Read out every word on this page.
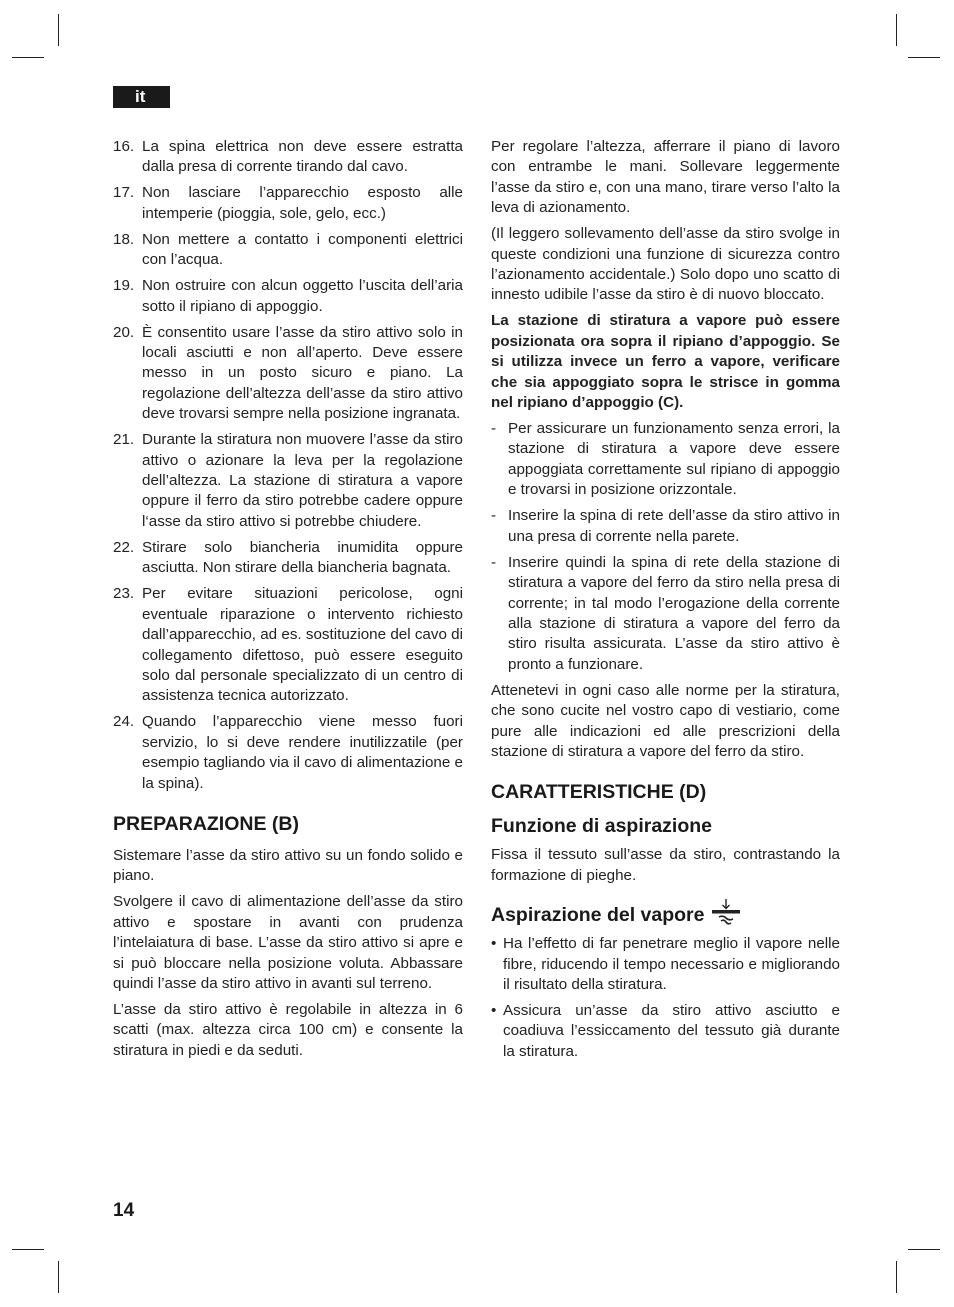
it
16. La spina elettrica non deve essere estratta dalla presa di corrente tirando dal cavo.
17. Non lasciare l’apparecchio esposto alle intemperie (pioggia, sole, gelo, ecc.)
18. Non mettere a contatto i componenti elettrici con l’acqua.
19. Non ostruire con alcun oggetto l’uscita dell’aria sotto il ripiano di appoggio.
20. È consentito usare l’asse da stiro attivo solo in locali asciutti e non all’aperto. Deve essere messo in un posto sicuro e piano. La regolazione dell’altezza dell’asse da stiro attivo deve trovarsi sempre nella posizione ingranata.
21. Durante la stiratura non muovere l’asse da stiro attivo o azionare la leva per la regolazione dell’altezza. La stazione di stiratura a vapore oppure il ferro da stiro potrebbe cadere oppure l‘asse da stiro attivo si potrebbe chiudere.
22. Stirare solo biancheria inumidita oppure asciutta. Non stirare della biancheria bagnata.
23. Per evitare situazioni pericolose, ogni eventuale riparazione o intervento richiesto dall’apparecchio, ad es. sostituzione del cavo di collegamento difettoso, può essere eseguito solo dal personale specializzato di un centro di assistenza tecnica autorizzato.
24. Quando l’apparecchio viene messo fuori servizio, lo si deve rendere inutilizzatile (per esempio tagliando via il cavo di alimentazione e la spina).
PREPARAZIONE (B)

Sistemare l’asse da stiro attivo su un fondo solido e piano.

Svolgere il cavo di alimentazione dell’asse da stiro attivo e spostare in avanti con prudenza l’intelaiatura di base. L’asse da stiro attivo si apre e si può bloccare nella posizione voluta. Abbassare quindi l’asse da stiro attivo in avanti sul terreno.

L’asse da stiro attivo è regolabile in altezza in 6 scatti (max. altezza circa 100 cm) e consente la stiratura in piedi e da seduti.

Per regolare l’altezza, afferrare il piano di lavoro con entrambe le mani. Sollevare leggermente l’asse da stiro e, con una mano, tirare verso l’alto la leva di azionamento.

(Il leggero sollevamento dell’asse da stiro svolge in queste condizioni una funzione di sicurezza contro l’azionamento accidentale.) Solo dopo uno scatto di innesto udibile l’asse da stiro è di nuovo bloccato.

La stazione di stiratura a vapore può essere posizionata ora sopra il ripiano d’appoggio. Se si utilizza invece un ferro a vapore, verificare che sia appoggiato sopra le strisce in gomma nel ripiano d’appoggio (C).

- Per assicurare un funzionamento senza errori, la stazione di stiratura a vapore deve essere appoggiata correttamente sul ripiano di appoggio e trovarsi in posizione orizzontale.
- Inserire la spina di rete dell’asse da stiro attivo in una presa di corrente nella parete.
- Inserire quindi la spina di rete della stazione di stiratura a vapore del ferro da stiro nella presa di corrente; in tal modo l’erogazione della corrente alla stazione di stiratura a vapore del ferro da stiro risulta assicurata. L’asse da stiro attivo è pronto a funzionare.

Attenetevi in ogni caso alle norme per la stiratura, che sono cucite nel vostro capo di vestiario, come pure alle indicazioni ed alle prescrizioni della stazione di stiratura a vapore del ferro da stiro.

CARATTERISTICHE (D)
Funzione di aspirazione

Fissa il tessuto sull’asse da stiro, contrastando la formazione di pieghe.

Aspirazione del vapore
• Ha l’effetto di far penetrare meglio il vapore nelle fibre, riducendo il tempo necessario e migliorando il risultato della stiratura.
• Assicura un’asse da stiro attivo asciutto e coadiuva l’essiccamento del tessuto già durante la stiratura.
14
